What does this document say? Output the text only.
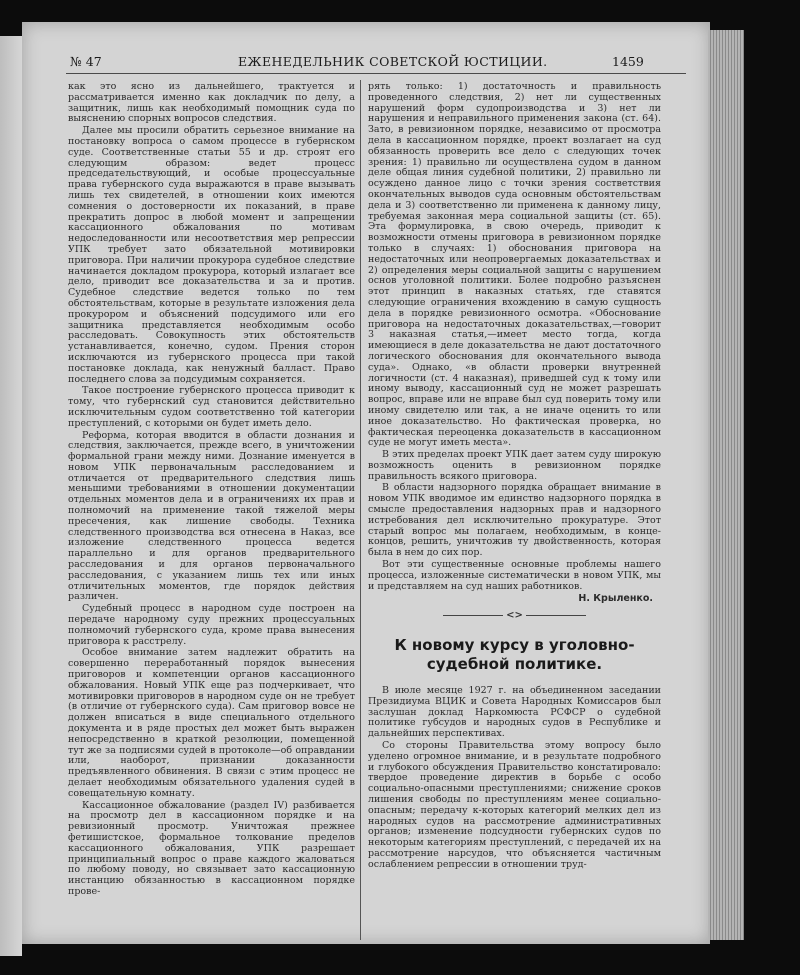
№ 47	ЕЖЕНЕДЕЛЬНИК СОВЕТСКОЙ ЮСТИЦИИ.	1459

как это ясно из дальнейшего, трактуется и рассматривается именно как докладчик по делу, а защитник, лишь как необходимый помощник суда по выяснению спорных вопросов следствия.

Далее мы просили обратить серьезное внимание на постановку вопроса о самом процессе в губернском суде. Соответственные статьи 55 и др. строят его следующим образом: ведет процесс председательствующий, и особые процессуальные права губернского суда выражаются в праве вызывать лишь тех свидетелей, в отношении коих имеются сомнения о достоверности их показаний, в праве прекратить допрос в любой момент и запрещении кассационного обжалования по мотивам недоследованности или несоответствия мер репрессии УПК требует зато обязательной мотивировки приговора. При наличии прокурора судебное следствие начинается докладом прокурора, который излагает все дело, приводит все доказательства и за и против. Судебное следствие ведется только по тем обстоятельствам, которые в результате изложения дела прокурором и объяснений подсудимого или его защитника представляется необходимым особо расследовать. Совокупность этих обстоятельств устанавливается, конечно, судом. Прения сторон исключаются из губернского процесса при такой постановке доклада, как ненужный балласт. Право последнего слова за подсудимым сохраняется.

Такое построение губернского процесса приводит к тому, что губернский суд становится действительно исключительным судом соответственно той категории преступлений, с которыми он будет иметь дело.

Реформа, которая вводится в области дознания и следствия, заключается, прежде всего, в уничтожении формальной грани между ними. Дознание именуется в новом УПК первоначальным расследованием и отличается от предварительного следствия лишь меньшими требованиями в отношении документации отдельных моментов дела и в ограничениях их прав и полномочий на применение такой тяжелой меры пресечения, как лишение свободы. Техника следственного производства вся отнесена в Наказ, все изложение следственного процесса ведется параллельно и для органов предварительного расследования и для органов первоначального расследования, с указанием лишь тех или иных отличительных моментов, где порядок действия различен.

Судебный процесс в народном суде построен на передаче народному суду прежних процессуальных полномочий губернского суда, кроме права вынесения приговора к расстрелу.

Особое внимание затем надлежит обратить на совершенно переработанный порядок вынесения приговоров и компетенции органов кассационного обжалования. Новый УПК еще раз подчеркивает, что мотивировки приговоров в народном суде он не требует (в отличие от губернского суда). Сам приговор вовсе не должен вписаться в виде специального отдельного документа и в ряде простых дел может быть выражен непосредственно в краткой резолюции, помещенной тут же за подписями судей в протоколе—об оправдании или, наоборот, признании доказанности предъявленного обвинения. В связи с этим процесс не делает необходимым обязательного удаления судей в совещательную комнату.

Кассационное обжалование (раздел IV) разбивается на просмотр дел в кассационном порядке и на ревизионный просмотр. Уничтожая прежнее фетишистское, формальное толкование пределов кассационного обжалования, УПК разрешает принципиальный вопрос о праве каждого жаловаться по любому поводу, но связывает зато кассационную инстанцию обязанностью в кассационном порядке прове-

рять только: 1) достаточность и правильность проведенного следствия, 2) нет ли существенных нарушений форм судопроизводства и 3) нет ли нарушения и неправильного применения закона (ст. 64). Зато, в ревизионном порядке, независимо от просмотра дела в кассационном порядке, проект возлагает на суд обязанность проверить все дело с следующих точек зрения: 1) правильно ли осуществлена судом в данном деле общая линия судебной политики, 2) правильно ли осуждено данное лицо с точки зрения состветствия окончательных выводов суда основным обстоятельствам дела и 3) соответственно ли применена к данному лицу, требуемая законная мера социальной защиты (ст. 65). Эта формулировка, в свою очередь, приводит к возможности отмены приговора в ревизионном порядке только в случаях: 1) обоснования приговора на недостаточных или неопровергаемых доказательствах и 2) определения меры социальной защиты с нарушением основ уголовной политики. Более подробно разъяснен этот принцип в наказных статьях, где ставятся следующие ограничения вхождению в самую сущность дела в порядке ревизионного осмотра. «Обоснование приговора на недостаточных доказательствах,—говорит 3 наказная статья,—имеет место тогда, когда имеющиеся в деле доказательства не дают достаточного логического обоснования для окончательного вывода суда». Однако, «в области проверки внутренней логичности (ст. 4 наказная), приведшей суд к тому или иному выводу, кассационный суд не может разрешать вопрос, вправе или не вправе был суд поверить тому или иному свидетелю или так, а не иначе оценить то или иное доказательство. Но фактическая проверка, но фактическая переоценка доказательств в кассационном суде не могут иметь места».

В этих пределах проект УПК дает затем суду широкую возможность оценить в ревизионном порядке правильность всякого приговора.

В области надзорного порядка обращает внимание в новом УПК вводимое им единство надзорного порядка в смысле предоставления надзорных прав и надзорного истребования дел исключительно прокуратуре. Этот старый вопрос мы полагаем, необходимым, в конце-концов, решить, уничтожив ту двойственность, которая была в нем до сих пор.

Вот эти существенные основные проблемы нашего процесса, изложенные систематически в новом УПК, мы и представляем на суд наших работников.

Н. Крыленко.
<>
К новому курсу в уголовно-судебной политике.

В июле месяце 1927 г. на объединенном заседании Президиума ВЦИК и Совета Народных Комиссаров был заслушан доклад Наркомюста РСФСР о судебной политике губсудов и народных судов в Республике и дальнейших перспективах.

Со стороны Правительства этому вопросу было уделено огромное внимание, и в результате подробного и глубокого обсуждения Правительство констатировало: твердое проведение директив в борьбе с особо социально-опасными преступлениями; снижение сроков лишения свободы по преступлениям менее социально-опасным; передачу к-которых категорий мелких дел из народных судов на рассмотрение административных органов; изменение подсудности губернских судов по некоторым категориям преступлений, с передачей их на рассмотрение нарсудов, что объясняется частичным ослаблением репрессии в отношении труд-
